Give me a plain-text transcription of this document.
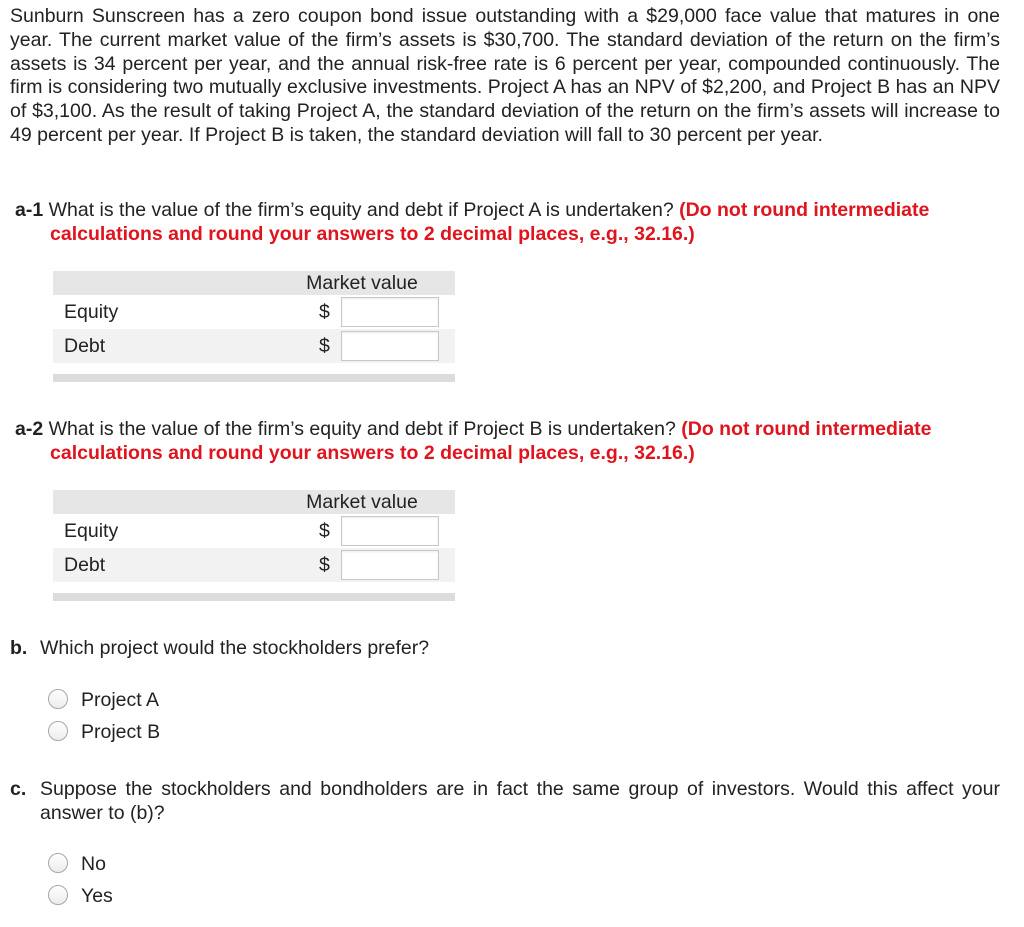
Sunburn Sunscreen has a zero coupon bond issue outstanding with a $29,000 face value that matures in one year. The current market value of the firm’s assets is $30,700. The standard deviation of the return on the firm’s assets is 34 percent per year, and the annual risk-free rate is 6 percent per year, compounded continuously. The firm is considering two mutually exclusive investments. Project A has an NPV of $2,200, and Project B has an NPV of $3,100. As the result of taking Project A, the standard deviation of the return on the firm’s assets will increase to 49 percent per year. If Project B is taken, the standard deviation will fall to 30 percent per year.

a-1 What is the value of the firm’s equity and debt if Project A is undertaken? (Do not round intermediate calculations and round your answers to 2 decimal places, e.g., 32.16.)

Market value
Equity	$
Debt	$

a-2 What is the value of the firm’s equity and debt if Project B is undertaken? (Do not round intermediate calculations and round your answers to 2 decimal places, e.g., 32.16.)

Market value
Equity	$
Debt	$

b. Which project would the stockholders prefer?

Project A
Project B

c. Suppose the stockholders and bondholders are in fact the same group of investors. Would this affect your answer to (b)?

No
Yes
